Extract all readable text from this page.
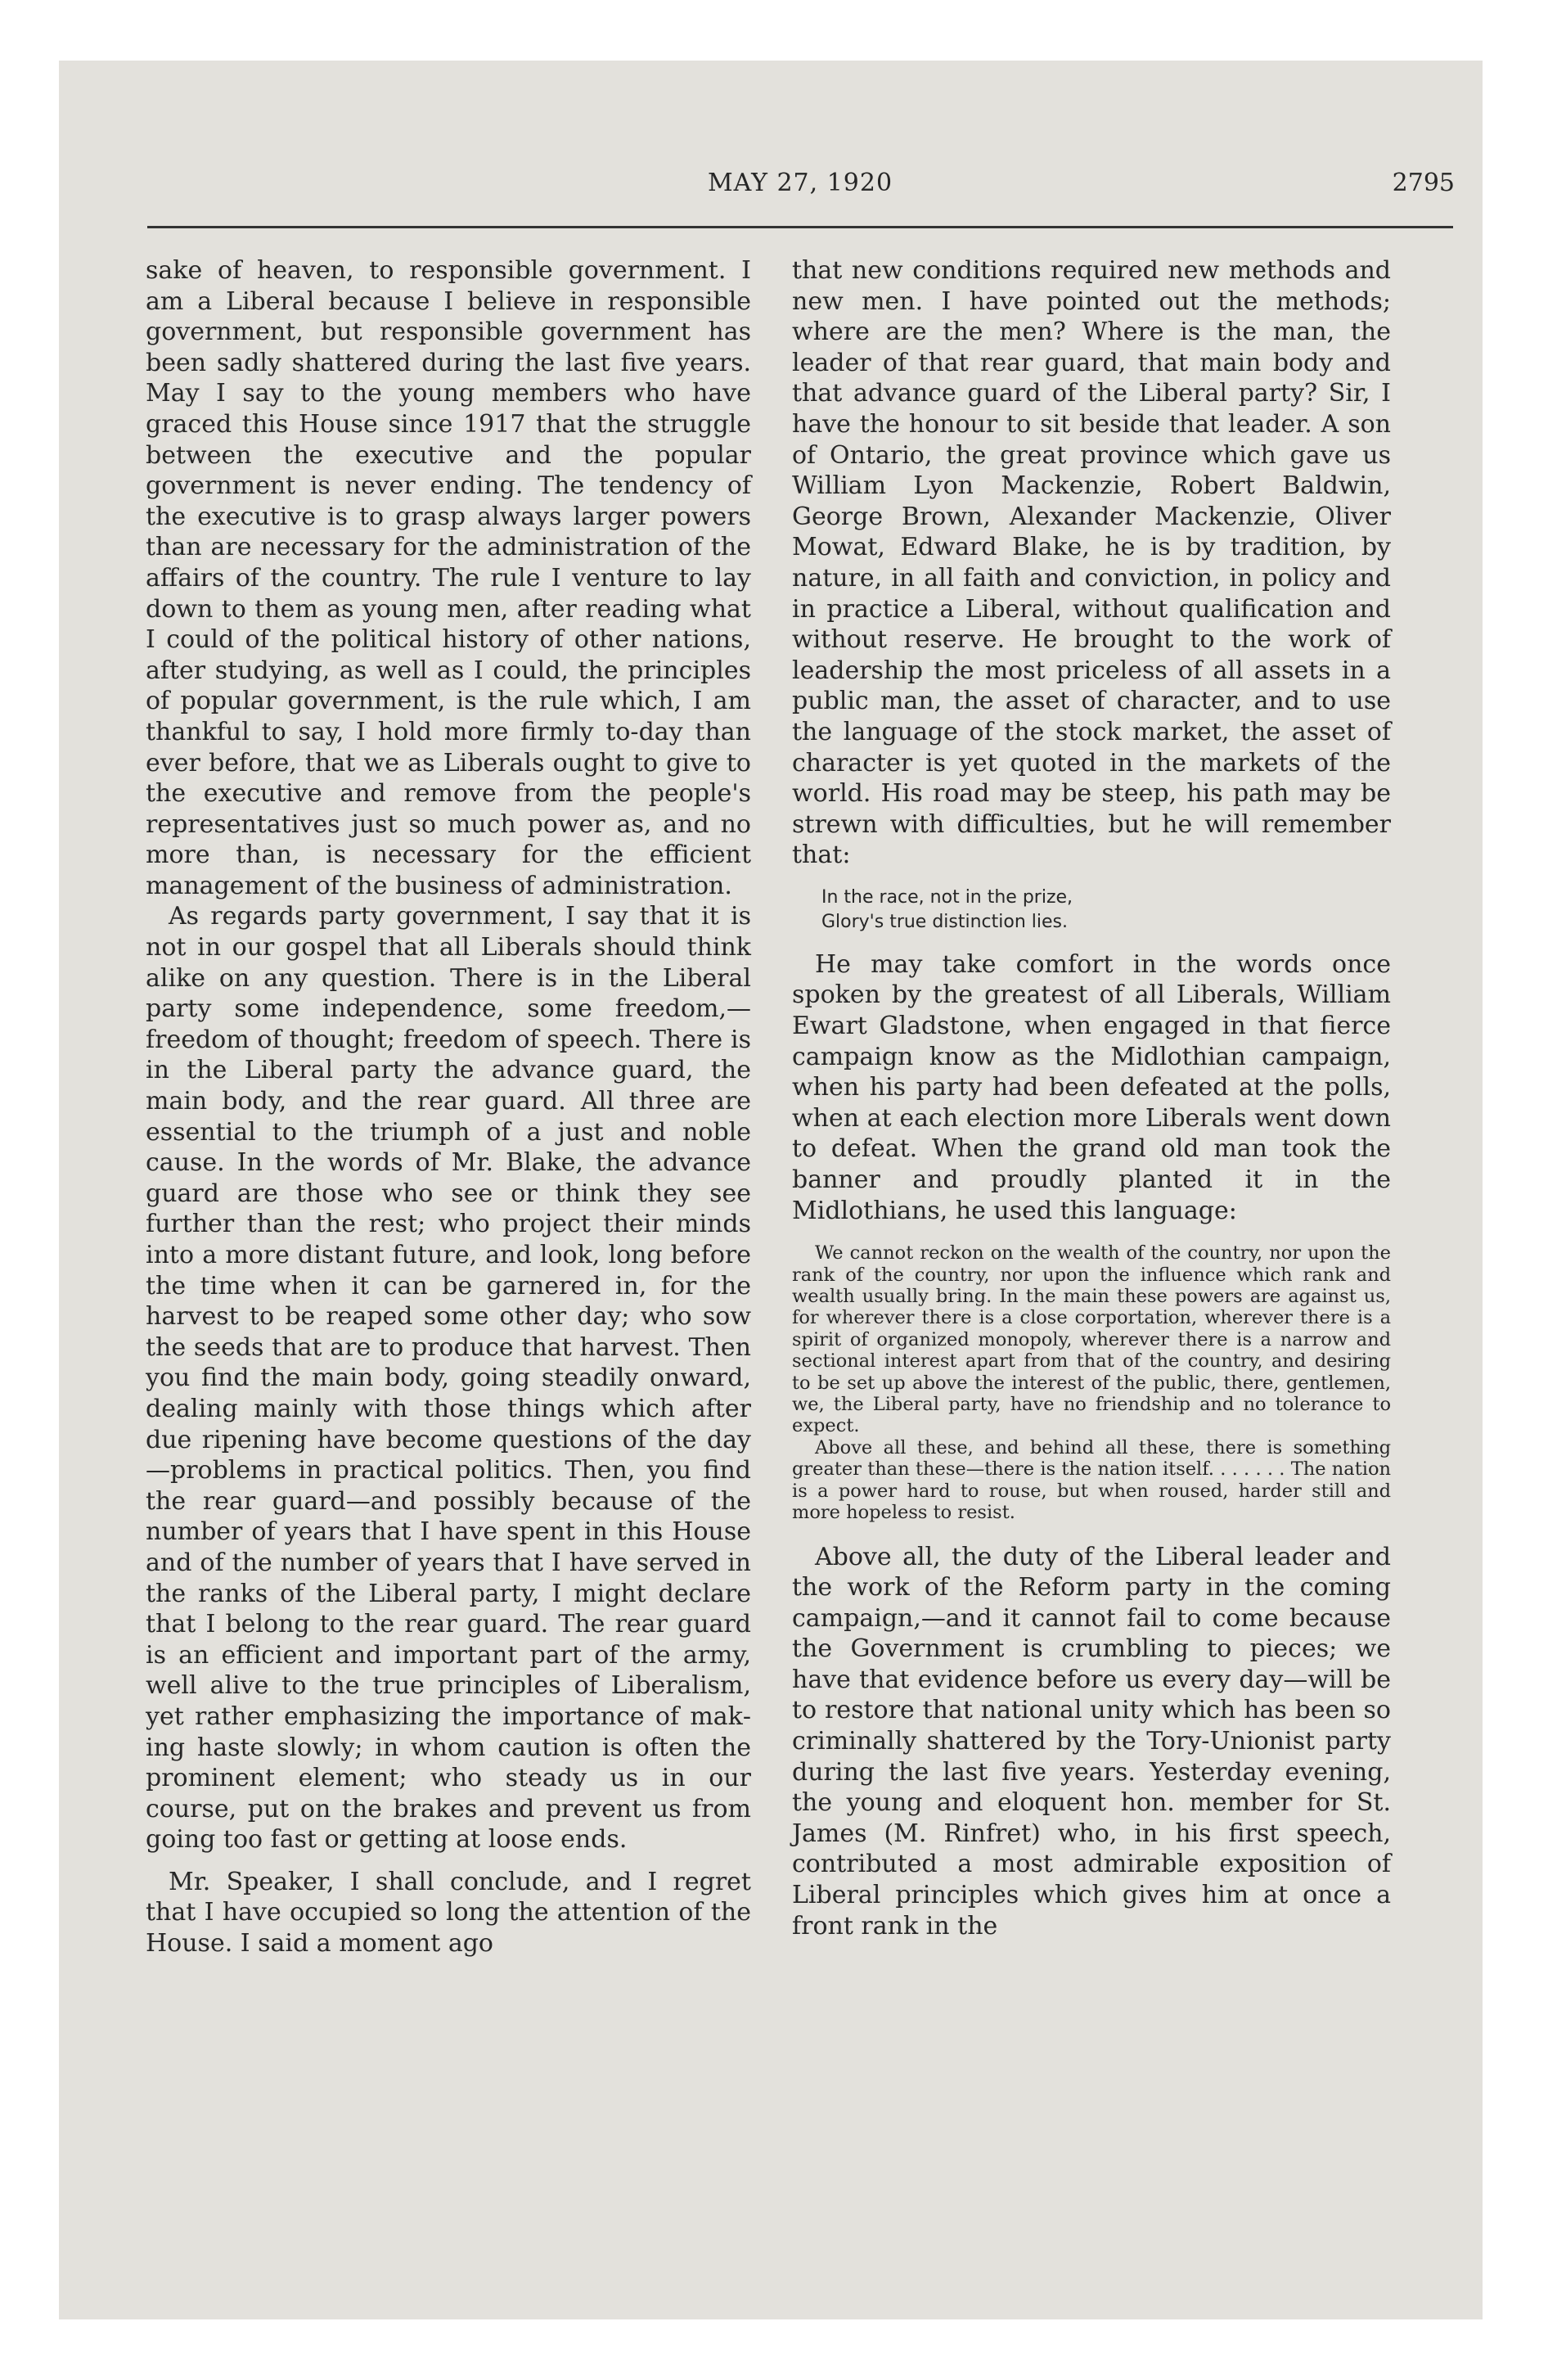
MAY 27, 1920	2795

sake of heaven, to responsible government. I am a Liberal because I believe in responsible government, but responsible government has been sadly shattered during the last five years. May I say to the young members who have graced this House since 1917 that the struggle between the executive and the popular government is never ending. The tendency of the executive is to grasp always larger powers than are necessary for the administration of the affairs of the country. The rule I venture to lay down to them as young men, after reading what I could of the political history of other nations, after studying, as well as I could, the principles of popular government, is the rule which, I am thankful to say, I hold more firmly to-day than ever before, that we as Liberals ought to give to the executive and remove from the people's representatives just so much power as, and no more than, is necessary for the efficient management of the business of administration.

As regards party government, I say that it is not in our gospel that all Liberals should think alike on any question. There is in the Liberal party some independence, some freedom,—freedom of thought; freedom of speech. There is in the Liberal party the advance guard, the main body, and the rear guard. All three are essential to the triumph of a just and noble cause. In the words of Mr. Blake, the advance guard are those who see or think they see further than the rest; who project their minds into a more distant future, and look, long before the time when it can be garnered in, for the harvest to be reaped some other day; who sow the seeds that are to produce that harvest. Then you find the main body, going steadily onward, dealing mainly with those things which after due ripening have become questions of the day—problems in practical politics. Then, you find the rear guard—and possibly because of the number of years that I have spent in this House and of the number of years that I have served in the ranks of the Liberal party, I might declare that I belong to the rear guard. The rear guard is an efficient and important part of the army, well alive to the true principles of Liberalism, yet rather emphasizing the importance of making haste slowly; in whom caution is often the prominent element; who steady us in our course, put on the brakes and prevent us from going too fast or getting at loose ends.

Mr. Speaker, I shall conclude, and I regret that I have occupied so long the attention of the House. I said a moment ago

that new conditions required new methods and new men. I have pointed out the methods; where are the men? Where is the man, the leader of that rear guard, that main body and that advance guard of the Liberal party? Sir, I have the honour to sit beside that leader. A son of Ontario, the great province which gave us William Lyon Mackenzie, Robert Baldwin, George Brown, Alexander Mackenzie, Oliver Mowat, Edward Blake, he is by tradition, by nature, in all faith and conviction, in policy and in practice a Liberal, without qualification and without reserve. He brought to the work of leadership the most priceless of all assets in a public man, the asset of character, and to use the language of the stock market, the asset of character is yet quoted in the markets of the world. His road may be steep, his path may be strewn with difficulties, but he will remember that:

In the race, not in the prize,
Glory's true distinction lies.

He may take comfort in the words once spoken by the greatest of all Liberals, William Ewart Gladstone, when engaged in that fierce campaign know as the Midlothian campaign, when his party had been defeated at the polls, when at each election more Liberals went down to defeat. When the grand old man took the banner and proudly planted it in the Midlothians, he used this language:

We cannot reckon on the wealth of the country, nor upon the rank of the country, nor upon the influence which rank and wealth usually bring. In the main these powers are against us, for wherever there is a close corportation, wherever there is a spirit of organized monopoly, wherever there is a narrow and sectional interest apart from that of the country, and desiring to be set up above the interest of the public, there, gentlemen, we, the Liberal party, have no friendship and no tolerance to expect.

Above all these, and behind all these, there is something greater than these—there is the nation itself. . . . . . . The nation is a power hard to rouse, but when roused, harder still and more hopeless to resist.

Above all, the duty of the Liberal leader and the work of the Reform party in the coming campaign,—and it cannot fail to come because the Government is crumbling to pieces; we have that evidence before us every day—will be to restore that national unity which has been so criminally shattered by the Tory-Unionist party during the last five years. Yesterday evening, the young and eloquent hon. member for St. James (M. Rinfret) who, in his first speech, contributed a most admirable exposition of Liberal principles which gives him at once a front rank in the
